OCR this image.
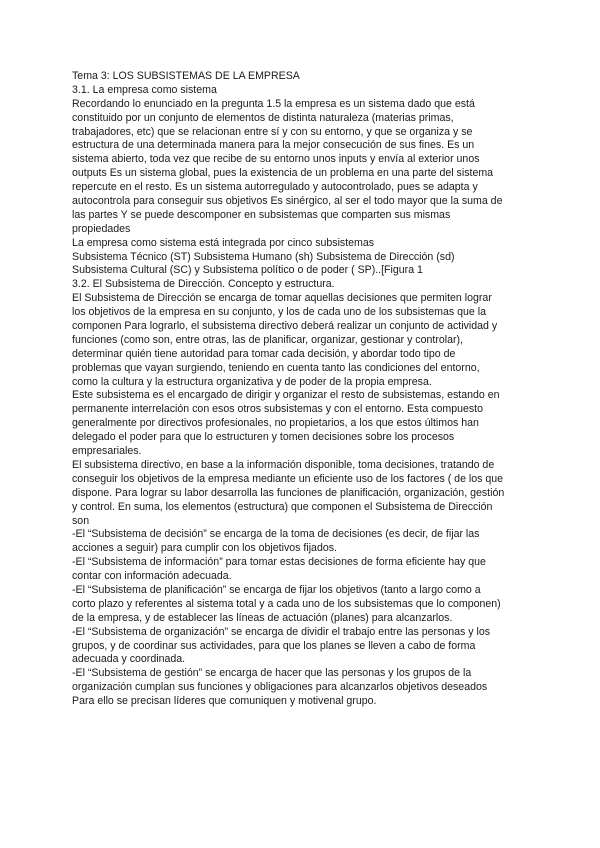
Tema 3: LOS SUBSISTEMAS DE LA EMPRESA
3.1. La empresa como sistema
Recordando lo enunciado en la pregunta 1.5 la empresa es un sistema dado que está
constituido por un conjunto de elementos de distinta naturaleza (materias primas,
trabajadores, etc) que se relacionan entre sí y con su entorno, y que se organiza y se
estructura de una determinada manera para la mejor consecución de sus fines. Es un
sistema abierto, toda vez que recibe de su entorno unos inputs y envía al exterior unos
outputs Es un sistema global, pues la existencia de un problema en una parte del sistema
repercute en el resto. Es un sistema autorregulado y autocontrolado, pues se adapta y
autocontrola para conseguir sus objetivos Es sinérgico, al ser el todo mayor que la suma de
las partes Y se puede descomponer en subsistemas que comparten sus mismas
propiedades
La empresa como sistema está integrada por cinco subsistemas
Subsistema Técnico (ST) Subsistema Humano (sh) Subsistema de Dirección (sd)
Subsistema Cultural (SC) y Subsistema político o de poder ( SP)..[Figura 1
3.2. El Subsistema de Dirección. Concepto y estructura.
El Subsistema de Dirección se encarga de tomar aquellas decisiones que permiten lograr
los objetivos de la empresa en su conjunto, y los de cada uno de los subsistemas que la
componen Para lograrlo, el subsistema directivo deberá realizar un conjunto de actividad y
funciones (como son, entre otras, las de planificar, organizar, gestionar y controlar),
determinar quién tiene autoridad para tomar cada decisión, y abordar todo tipo de
problemas que vayan surgiendo, teniendo en cuenta tanto las condiciones del entorno,
como la cultura y la estructura organizativa y de poder de la propia empresa.
Este subsistema es el encargado de dirigir y organizar el resto de subsistemas, estando en
permanente interrelación con esos otros subsistemas y con el entorno. Esta compuesto
generalmente por directivos profesionales, no propietarios, a los que estos últimos han
delegado el poder para que lo estructuren y tomen decisiones sobre los procesos
empresariales.
El subsistema directivo, en base a la información disponible, toma decisiones, tratando de
conseguir los objetivos de la empresa mediante un eficiente uso de los factores ( de los que
dispone. Para lograr su labor desarrolla las funciones de planificación, organización, gestión
y control. En suma, los elementos (estructura) que componen el Subsistema de Dirección
son
-El “Subsistema de decisión” se encarga de la toma de decisiones (es decir, de fijar las
acciones a seguir) para cumplir con los objetivos fijados.
-El “Subsistema de información” para tomar estas decisiones de forma eficiente hay que
contar con información adecuada.
-El “Subsistema de planificación” se encarga de fijar los objetivos (tanto a largo como a
corto plazo y referentes al sistema total y a cada uno de los subsistemas que lo componen)
de la empresa, y de establecer las líneas de actuación (planes) para alcanzarlos.
-El “Subsistema de organización” se encarga de dividir el trabajo entre las personas y los
grupos, y de coordinar sus actividades, para que los planes se lleven a cabo de forma
adecuada y coordinada.
-El “Subsistema de gestión” se encarga de hacer que las personas y los grupos de la
organización cumplan sus funciones y obligaciones para alcanzarlos objetivos deseados
Para ello se precisan líderes que comuniquen y motivenal grupo.
